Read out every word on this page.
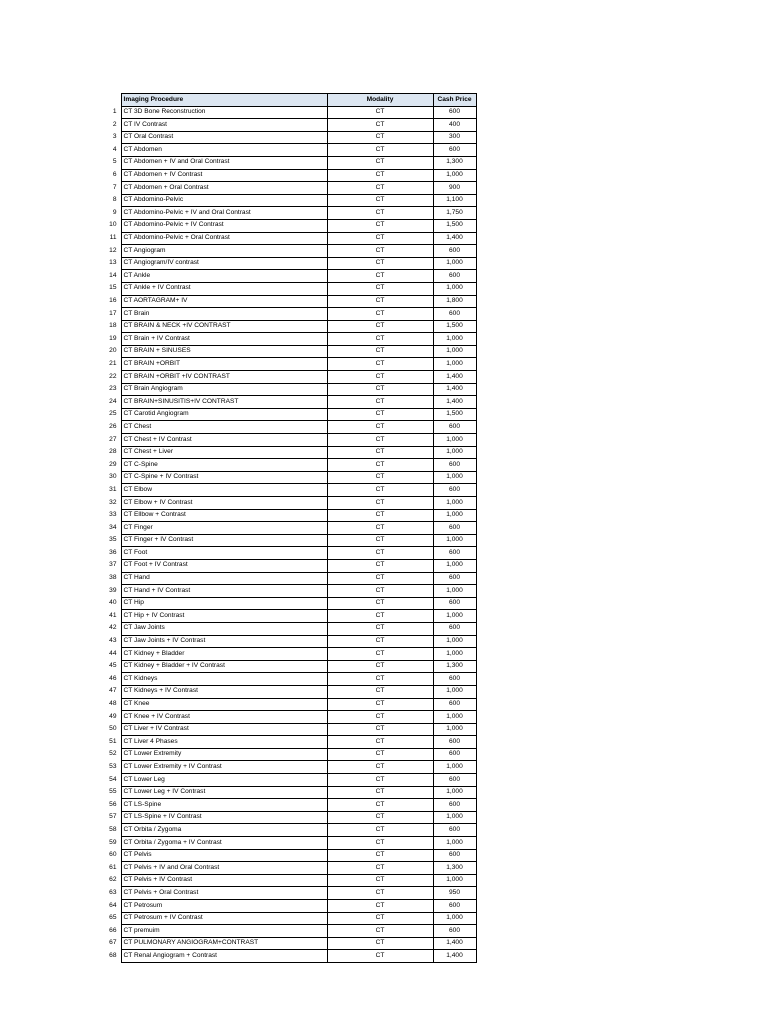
	Imaging Procedure	Modality	Cash Price
1	CT 3D Bone Reconstruction	CT	600
2	CT IV Contrast	CT	400
3	CT Oral Contrast	CT	300
4	CT Abdomen	CT	600
5	CT Abdomen + IV and Oral Contrast	CT	1,300
6	CT Abdomen + IV Contrast	CT	1,000
7	CT Abdomen + Oral Contrast	CT	900
8	CT Abdomino-Pelvic	CT	1,100
9	CT Abdomino-Pelvic + IV and Oral Contrast	CT	1,750
10	CT Abdomino-Pelvic + IV Contrast	CT	1,500
11	CT Abdomino-Pelvic + Oral Contrast	CT	1,400
12	CT Angiogram	CT	600
13	CT Angiogram/IV contrast	CT	1,000
14	CT Ankle	CT	600
15	CT Ankle + IV Contrast	CT	1,000
16	CT AORTAGRAM+ IV	CT	1,800
17	CT Brain	CT	600
18	CT BRAIN & NECK +IV CONTRAST	CT	1,500
19	CT Brain + IV Contrast	CT	1,000
20	CT BRAIN + SINUSES	CT	1,000
21	CT BRAIN +ORBIT	CT	1,000
22	CT BRAIN +ORBIT +IV CONTRAST	CT	1,400
23	CT Brain Angiogram	CT	1,400
24	CT BRAIN+SINUSITIS+IV CONTRAST	CT	1,400
25	CT Carotid Angiogram	CT	1,500
26	CT Chest	CT	600
27	CT Chest + IV Contrast	CT	1,000
28	CT Chest + Liver	CT	1,000
29	CT C-Spine	CT	600
30	CT C-Spine + IV Contrast	CT	1,000
31	CT Elbow	CT	600
32	CT Elbow + IV Contrast	CT	1,000
33	CT Ellbow + Contrast	CT	1,000
34	CT Finger	CT	600
35	CT Finger + IV Contrast	CT	1,000
36	CT Foot	CT	600
37	CT Foot + IV Contrast	CT	1,000
38	CT Hand	CT	600
39	CT Hand + IV Contrast	CT	1,000
40	CT Hip	CT	600
41	CT Hip + IV Contrast	CT	1,000
42	CT Jaw Joints	CT	600
43	CT Jaw Joints + IV Contrast	CT	1,000
44	CT Kidney + Bladder	CT	1,000
45	CT Kidney + Bladder + IV Contrast	CT	1,300
46	CT Kidneys	CT	600
47	CT Kidneys + IV Contrast	CT	1,000
48	CT Knee	CT	600
49	CT Knee + IV Contrast	CT	1,000
50	CT Liver + IV Contrast	CT	1,000
51	CT Liver 4 Phases	CT	600
52	CT Lower Extremity	CT	600
53	CT Lower Extremity + IV Contrast	CT	1,000
54	CT Lower Leg	CT	600
55	CT Lower Leg + IV Contrast	CT	1,000
56	CT LS-Spine	CT	600
57	CT LS-Spine + IV Contrast	CT	1,000
58	CT Orbita / Zygoma	CT	600
59	CT Orbita / Zygoma + IV Contrast	CT	1,000
60	CT Pelvis	CT	600
61	CT Pelvis + IV and Oral Contrast	CT	1,300
62	CT Pelvis + IV Contrast	CT	1,000
63	CT Pelvis + Oral Contrast	CT	950
64	CT Petrosum	CT	600
65	CT Petrosum + IV Contrast	CT	1,000
66	CT premuim	CT	600
67	CT PULMONARY ANGIOGRAM+CONTRAST	CT	1,400
68	CT Renal Angiogram + Contrast	CT	1,400
